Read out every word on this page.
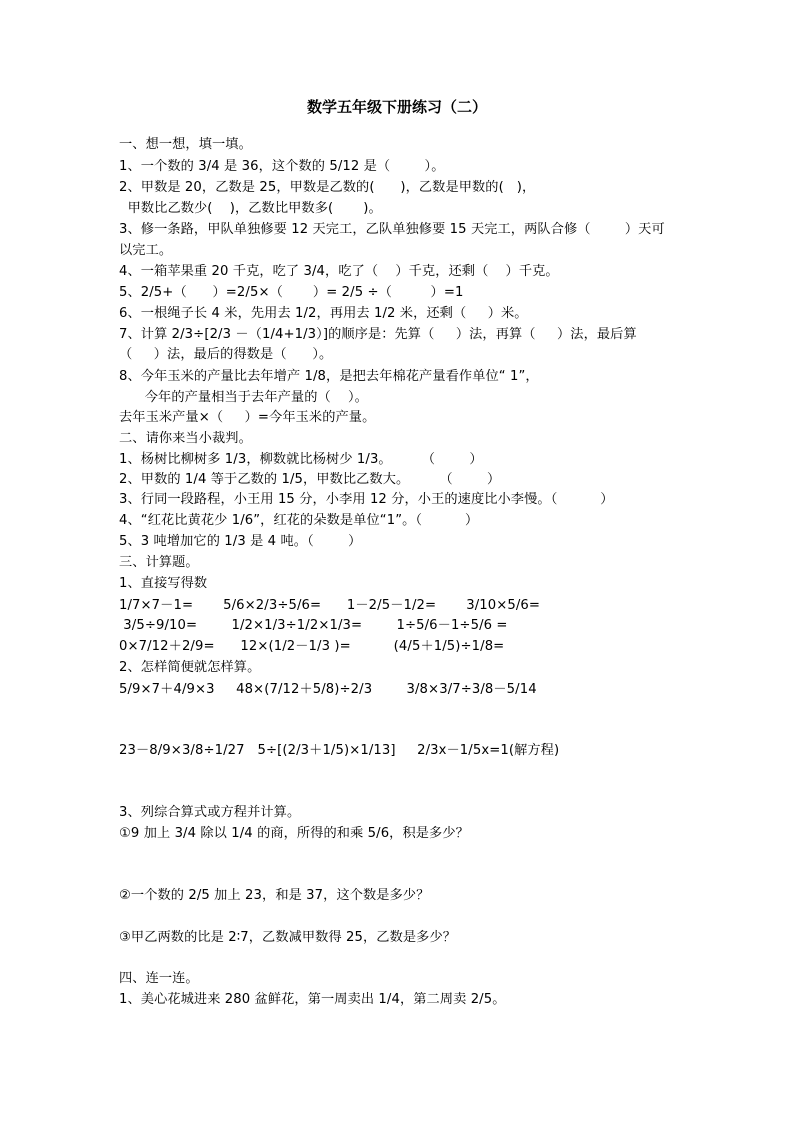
数学五年级下册练习（二）
一、想一想，填一填。
1、一个数的 3/4 是 36，这个数的 5/12 是（        ）。
2、甲数是 20，乙数是 25，甲数是乙数的(      )，乙数是甲数的(   )，
甲数比乙数少(    )，乙数比甲数多(       )。
3、修一条路，甲队单独修要 12 天完工，乙队单独修要 15 天完工，两队合修（        ）天可
以完工。
4、一箱苹果重 20 千克，吃了 3/4，吃了（    ）千克，还剩（    ）千克。
5、2/5+（      ）=2/5×（       ）= 2/5 ÷（         ）=1
6、一根绳子长 4 米，先用去 1/2，再用去 1/2 米，还剩（     ）米。
7、计算 2/3÷[2/3 －（1/4+1/3）]的顺序是：先算（     ）法，再算（     ）法，最后算
（     ）法，最后的得数是（      ）。
8、今年玉米的产量比去年增产 1/8，是把去年棉花产量看作单位“ 1”，
今年的产量相当于去年产量的（    ）。
去年玉米产量×（     ）=今年玉米的产量。
二、请你来当小裁判。
1、杨树比柳树多 1/3，柳数就比杨树少 1/3。       （        ）
2、甲数的 1/4 等于乙数的 1/5，甲数比乙数大。       （        ）
3、行同一段路程，小王用 15 分，小李用 12 分，小王的速度比小李慢。（          ）
4、“红花比黄花少 1/6”，红花的朵数是单位“1”。（          ）
5、3 吨增加它的 1/3 是 4 吨。（        ）
三、计算题。
1、直接写得数
1/7×7－1=       5/6×2/3÷5/6=      1－2/5－1/2=       3/10×5/6=
3/5÷9/10=        1/2×1/3÷1/2×1/3=        1÷5/6－1÷5/6 =
0×7/12＋2/9=      12×(1/2－1/3 )=          (4/5＋1/5)÷1/8=
2、怎样简便就怎样算。
5/9×7＋4/9×3     48×(7/12＋5/8)÷2/3        3/8×3/7÷3/8－5/14
23－8/9×3/8÷1/27   5÷[(2/3＋1/5)×1/13]     2/3x－1/5x=1(解方程)
3、列综合算式或方程并计算。
①9 加上 3/4 除以 1/4 的商，所得的和乘 5/6，积是多少？
②一个数的 2/5 加上 23，和是 37，这个数是多少？
③甲乙两数的比是 2∶7，乙数减甲数得 25，乙数是多少？
四、连一连。
1、美心花城进来 280 盆鲜花，第一周卖出 1/4，第二周卖 2/5。
